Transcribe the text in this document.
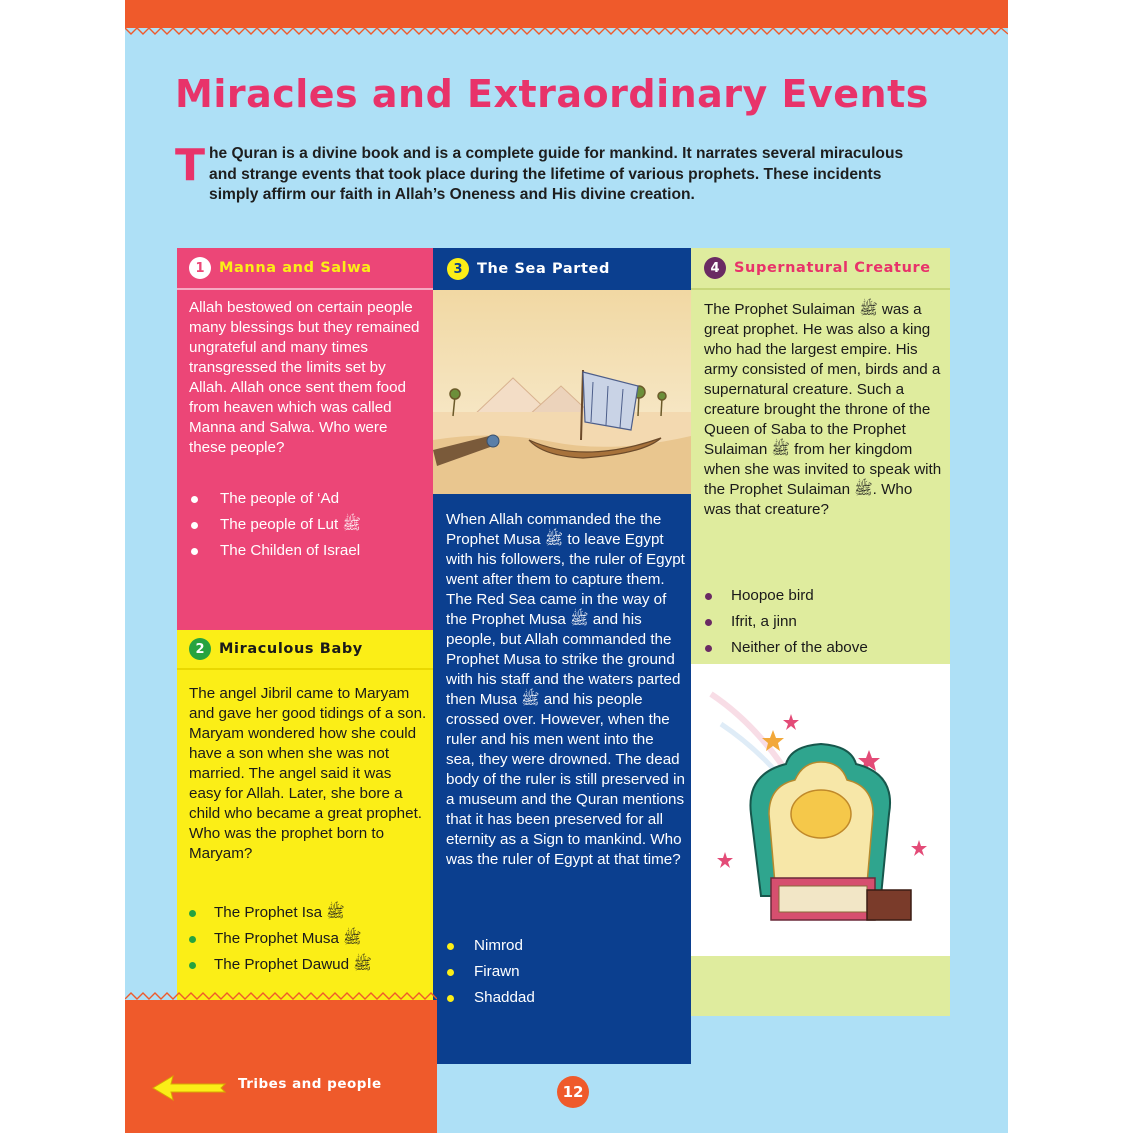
Miracles and Extraordinary Events
T he Quran is a divine book and is a complete guide for mankind. It narrates several miraculous and strange events that took place during the lifetime of various prophets. These incidents simply affirm our faith in Allah’s Oneness and His divine creation.
1 Manna and Salwa
Allah bestowed on certain people many blessings but they remained ungrateful and many times transgressed the limits set by Allah. Allah once sent them food from heaven which was called Manna and Salwa. Who were these people?
The people of ‘Ad
The people of Lut ﷺ
The Childen of Israel
2 Miraculous Baby
The angel Jibril came to Maryam and gave her good tidings of a son. Maryam wondered how she could have a son when she was not married. The angel said it was easy for Allah. Later, she bore a child who became a great prophet. Who was the prophet born to Maryam?
The Prophet Isa ﷺ
The Prophet Musa ﷺ
The Prophet Dawud ﷺ
3 The Sea Parted
When Allah commanded the the Prophet Musa ﷺ to leave Egypt with his followers, the ruler of Egypt went after them to capture them. The Red Sea came in the way of the Prophet Musa ﷺ and his people, but Allah commanded the Prophet Musa to strike the ground with his staff and the waters parted then Musa ﷺ and his people crossed over. However, when the ruler and his men went into the sea, they were drowned. The dead body of the ruler is still preserved in a museum and the Quran mentions that it has been preserved for all eternity as a Sign to mankind. Who was the ruler of Egypt at that time?
Nimrod
Firawn
Shaddad
4 Supernatural Creature
The Prophet Sulaiman ﷺ was a great prophet. He was also a king who had the largest empire. His army consisted of men, birds and a supernatural creature. Such a creature brought the throne of the Queen of Saba to the Prophet Sulaiman ﷺ from her kingdom when she was invited to speak with the Prophet Sulaiman ﷺ. Who was that creature?
Hoopoe bird
Ifrit, a jinn
Neither of the above
Tribes and people	12
